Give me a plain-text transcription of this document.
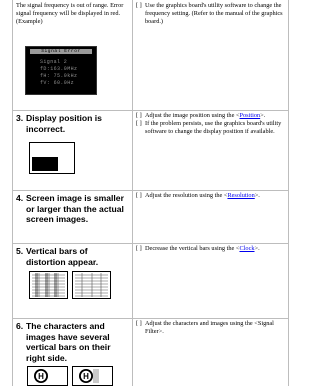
The signal frequency is out of range. Error signal frequency will be displayed in red. (Example)
Signal Error
Signal 2
fD:163.0MHz
fH: 75.0kHz
fV: 60.0Hz
[ ] Use the graphics board's utility software to change the frequency setting. (Refer to the manual of the graphics board.)
3. Display position is incorrect.
[ ] Adjust the image position using the <Position>.
[ ] If the problem persists, use the graphics board's utility software to change the display position if available.
4. Screen image is smaller or larger than the actual screen images.
[ ] Adjust the resolution using the <Resolution>.
5. Vertical bars of distortion appear.
[ ] Decrease the vertical bars using the <Clock>.
6. The characters and images have several vertical bars on their right side.
H	H
[ ] Adjust the characters and images using the <Signal Filter>.
